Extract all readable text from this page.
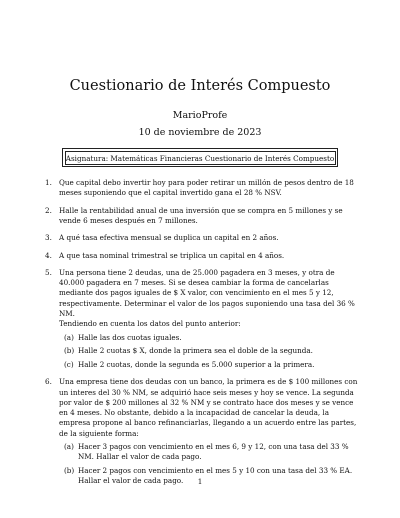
Cuestionario de Interés Compuesto
MarioProfe
10 de noviembre de 2023
Asignatura: Matemáticas Financieras Cuestionario de Interés Compuesto
1. Que capital debo invertir hoy para poder retirar un millón de pesos dentro de 18 meses suponiendo que el capital invertido gana el 28 % NSV.

2. Halle la rentabilidad anual de una inversión que se compra en 5 millones y se vende 6 meses después en 7 millones.

3. A qué tasa efectiva mensual se duplica un capital en 2 años.

4. A que tasa nominal trimestral se triplica un capital en 4 años.

5. Una persona tiene 2 deudas, una de 25.000 pagadera en 3 meses, y otra de 40.000 pagadera en 7 meses. Si se desea cambiar la forma de cancelarlas mediante dos pagos iguales de $ X valor, con vencimiento en el mes 5 y 12, respectivamente. Determinar el valor de los pagos suponiendo una tasa del 36 % NM.

Tendiendo en cuenta los datos del punto anterior:

(a) Halle las dos cuotas iguales.

(b) Halle 2 cuotas $ X, donde la primera sea el doble de la segunda.

(c) Halle 2 cuotas, donde la segunda es 5.000 superior a la primera.

6. Una empresa tiene dos deudas con un banco, la primera es de $ 100 millones con un interes del 30 % NM, se adquirió hace seis meses y hoy se vence. La segunda por valor de $ 200 millones al 32 % NM y se contrato hace dos meses y se vence en 4 meses. No obstante, debido a la incapacidad de cancelar la deuda, la empresa propone al banco refinanciarlas, llegando a un acuerdo entre las partes, de la siguiente forma:

(a) Hacer 3 pagos con vencimiento en el mes 6, 9 y 12, con una tasa del 33 % NM. Hallar el valor de cada pago.

(b) Hacer 2 pagos con vencimiento en el mes 5 y 10 con una tasa del 33 % EA. Hallar el valor de cada pago.	1
